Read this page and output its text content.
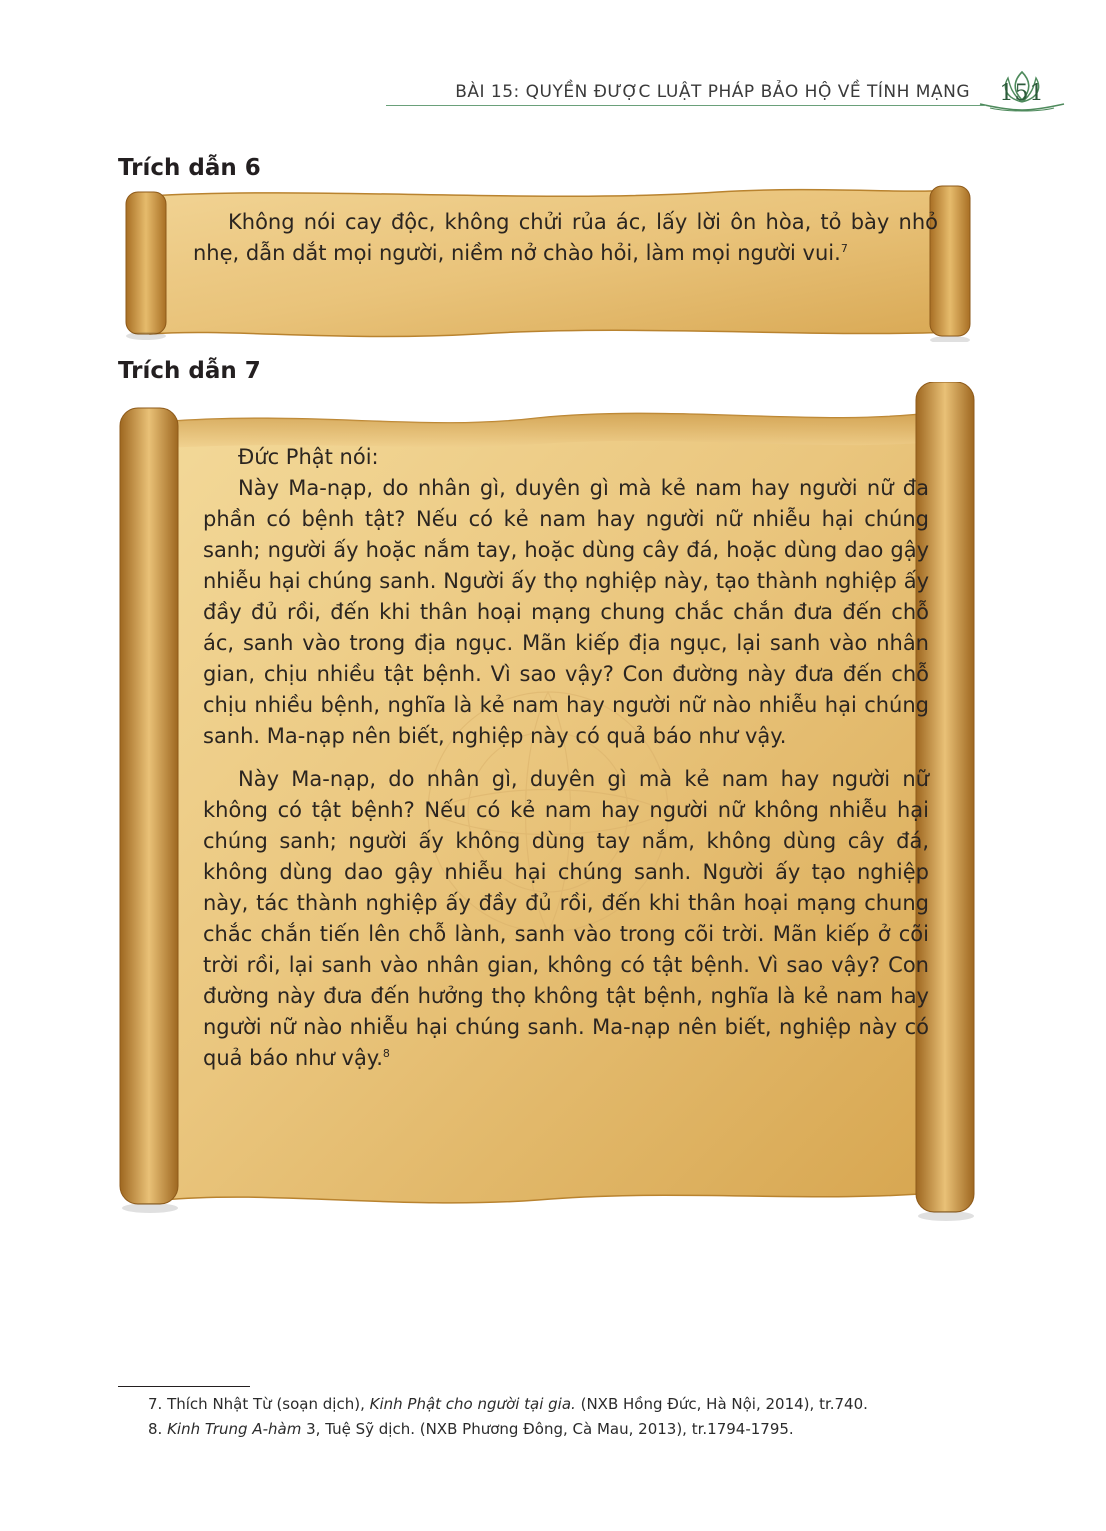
BÀI 15: QUYỀN ĐƯỢC LUẬT PHÁP BẢO HỘ VỀ TÍNH MẠNG	151
Trích dẫn 6

Không nói cay độc, không chửi rủa ác, lấy lời ôn hòa, tỏ bày nhỏ nhẹ, dẫn dắt mọi người, niềm nở chào hỏi, làm mọi người vui.$^7$

Trích dẫn 7

Đức Phật nói:

Này Ma-nạp, do nhân gì, duyên gì mà kẻ nam hay người nữ đa phần có bệnh tật? Nếu có kẻ nam hay người nữ nhiễu hại chúng sanh; người ấy hoặc nắm tay, hoặc dùng cây đá, hoặc dùng dao gậy nhiễu hại chúng sanh. Người ấy thọ nghiệp này, tạo thành nghiệp ấy đầy đủ rồi, đến khi thân hoại mạng chung chắc chắn đưa đến chỗ ác, sanh vào trong địa ngục. Mãn kiếp địa ngục, lại sanh vào nhân gian, chịu nhiều tật bệnh. Vì sao vậy? Con đường này đưa đến chỗ chịu nhiều bệnh, nghĩa là kẻ nam hay người nữ nào nhiễu hại chúng sanh. Ma-nạp nên biết, nghiệp này có quả báo như vậy.

Này Ma-nạp, do nhân gì, duyên gì mà kẻ nam hay người nữ không có tật bệnh? Nếu có kẻ nam hay người nữ không nhiễu hại chúng sanh; người ấy không dùng tay nắm, không dùng cây đá, không dùng dao gậy nhiễu hại chúng sanh. Người ấy tạo nghiệp này, tác thành nghiệp ấy đầy đủ rồi, đến khi thân hoại mạng chung chắc chắn tiến lên chỗ lành, sanh vào trong cõi trời. Mãn kiếp ở cõi trời rồi, lại sanh vào nhân gian, không có tật bệnh. Vì sao vậy? Con đường này đưa đến hưởng thọ không tật bệnh, nghĩa là kẻ nam hay người nữ nào nhiễu hại chúng sanh. Ma-nạp nên biết, nghiệp này có quả báo như vậy.$^8$

7. Thích Nhật Từ (soạn dịch), Kinh Phật cho người tại gia. (NXB Hồng Đức, Hà Nội, 2014), tr.740.
8. Kinh Trung A-hàm 3, Tuệ Sỹ dịch. (NXB Phương Đông, Cà Mau, 2013), tr.1794-1795.
